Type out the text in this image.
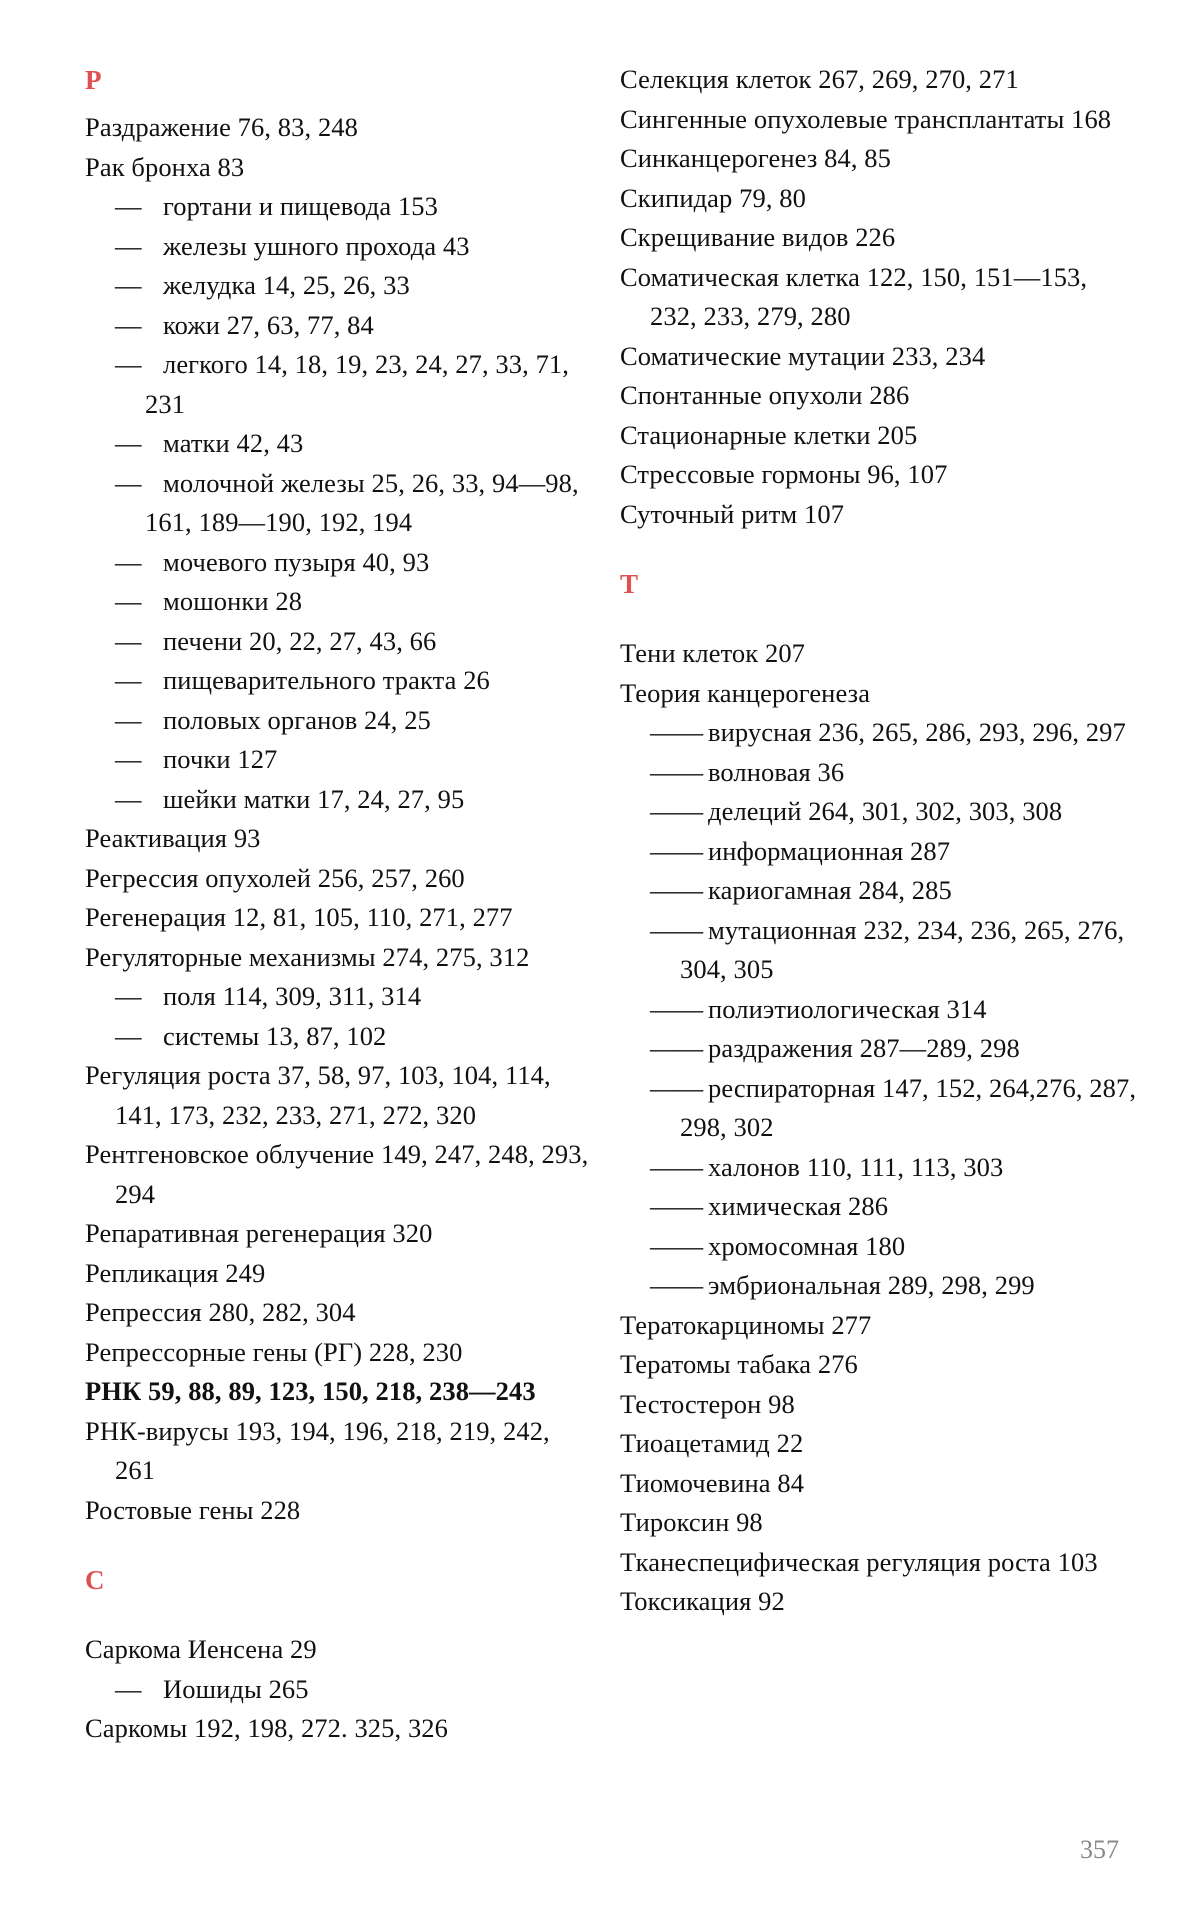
Р
Раздражение 76, 83, 248
Рак бронха 83
— гортани и пищевода 153
— железы ушного прохода 43
— желудка 14, 25, 26, 33
— кожи 27, 63, 77, 84
— легкого 14, 18, 19, 23, 24, 27, 33, 71, 231
— матки 42, 43
— молочной железы 25, 26, 33, 94—98, 161, 189—190, 192, 194
— мочевого пузыря 40, 93
— мошонки 28
— печени 20, 22, 27, 43, 66
— пищеварительного тракта 26
— половых органов 24, 25
— почки 127
— шейки матки 17, 24, 27, 95
Реактивация 93
Регрессия опухолей 256, 257, 260
Регенерация 12, 81, 105, 110, 271, 277
Регуляторные механизмы 274, 275, 312
— поля 114, 309, 311, 314
— системы 13, 87, 102
Регуляция роста 37, 58, 97, 103, 104, 114, 141, 173, 232, 233, 271, 272, 320
Рентгеновское облучение 149, 247, 248, 293, 294
Репаративная регенерация 320
Репликация 249
Репрессия 280, 282, 304
Репрессорные гены (РГ) 228, 230
РНК 59, 88, 89, 123, 150, 218, 238—243
РНК-вирусы 193, 194, 196, 218, 219, 242, 261
Ростовые гены 228
С
Саркома Иенсена 29
— Иошиды 265
Саркомы 192, 198, 272. 325, 326
Селекция клеток 267, 269, 270, 271
Сингенные опухолевые трансплантаты 168
Синканцерогенез 84, 85
Скипидар 79, 80
Скрещивание видов 226
Соматическая клетка 122, 150, 151—153, 232, 233, 279, 280
Соматические мутации 233, 234
Спонтанные опухоли 286
Стационарные клетки 205
Стрессовые гормоны 96, 107
Суточный ритм 107
Т
Тени клеток 207
Теория канцерогенеза
—— вирусная 236, 265, 286, 293, 296, 297
—— волновая 36
—— делеций 264, 301, 302, 303, 308
—— информационная 287
—— кариогамная 284, 285
—— мутационная 232, 234, 236, 265, 276, 304, 305
—— полиэтиологическая 314
—— раздражения 287—289, 298
—— респираторная 147, 152, 264,276, 287, 298, 302
—— халонов 110, 111, 113, 303
—— химическая 286
—— хромосомная 180
—— эмбриональная 289, 298, 299
Тератокарциномы 277
Тератомы табака 276
Тестостерон 98
Тиоацетамид 22
Тиомочевина 84
Тироксин 98
Тканеспецифическая регуляция роста 103
Токсикация 92
357
